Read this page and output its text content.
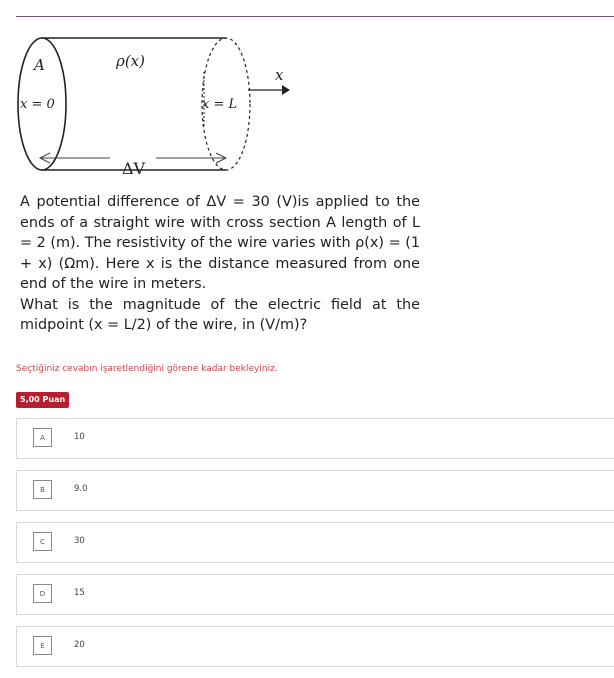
A
x = 0
ρ(x)
x = L
x
ΔV

A potential difference of ΔV = 30 (V)is applied to the ends of a straight wire with cross section A length of L = 2 (m). The resistivity of the wire varies with ρ(x) = (1 + x) (Ωm). Here x is the distance measured from one end of the wire in meters.

What is the magnitude of the electric field at the midpoint (x = L/2) of the wire, in (V/m)?

Seçtiğiniz cevabın işaretlendiğini görene kadar bekleyiniz.
5,00 Puan
A	10
B	9.0
C	30
D	15
E	20
